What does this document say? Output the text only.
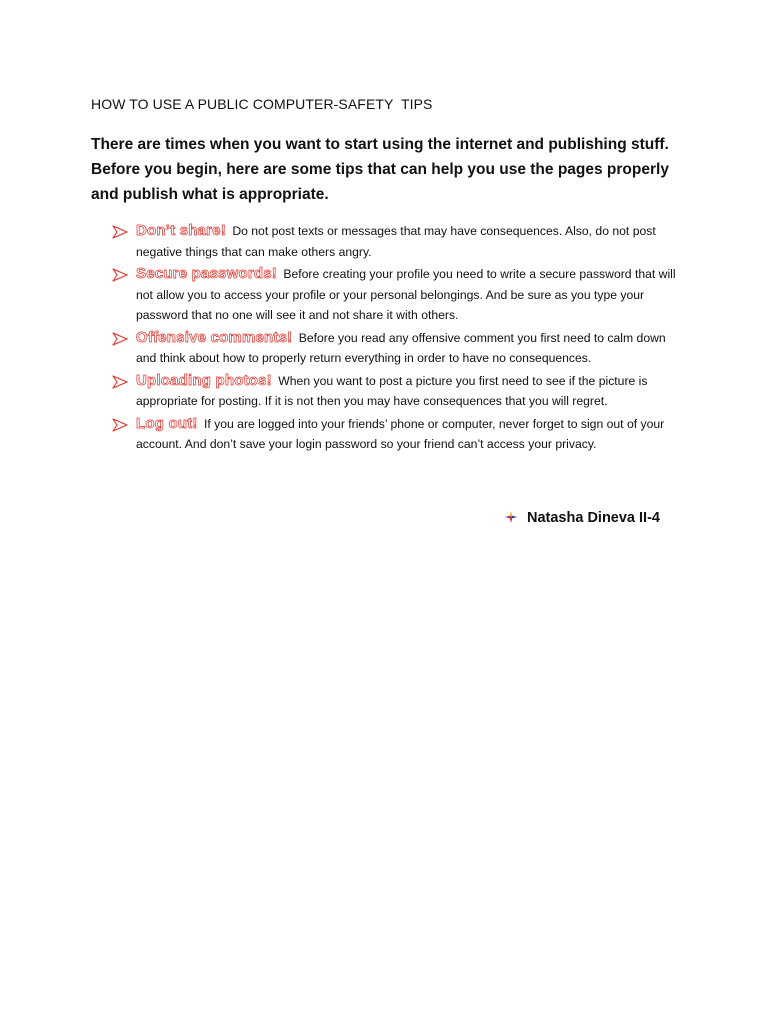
HOW TO USE A PUBLIC COMPUTER-SAFETY  TIPS
There are times when you want to start using the internet and publishing stuff. Before you begin, here are some tips that can help you use the pages properly and publish what is appropriate.
Don’t share! Do not post texts or messages that may have consequences. Also, do not post negative things that can make others angry.
Secure passwords! Before creating your profile you need to write a secure password that will not allow you to access your profile or your personal belongings. And be sure as you type your password that no one will see it and not share it with others.
Offensive comments! Before you read any offensive comment you first need to calm down and think about how to properly return everything in order to have no consequences.
Uploading photos! When you want to post a picture you first need to see if the picture is appropriate for posting. If it is not then you may have consequences that you will regret.
Log out! If you are logged into your friends’ phone or computer, never forget to sign out of your account. And don’t save your login password so your friend can’t access your privacy.
Natasha Dineva II-4
